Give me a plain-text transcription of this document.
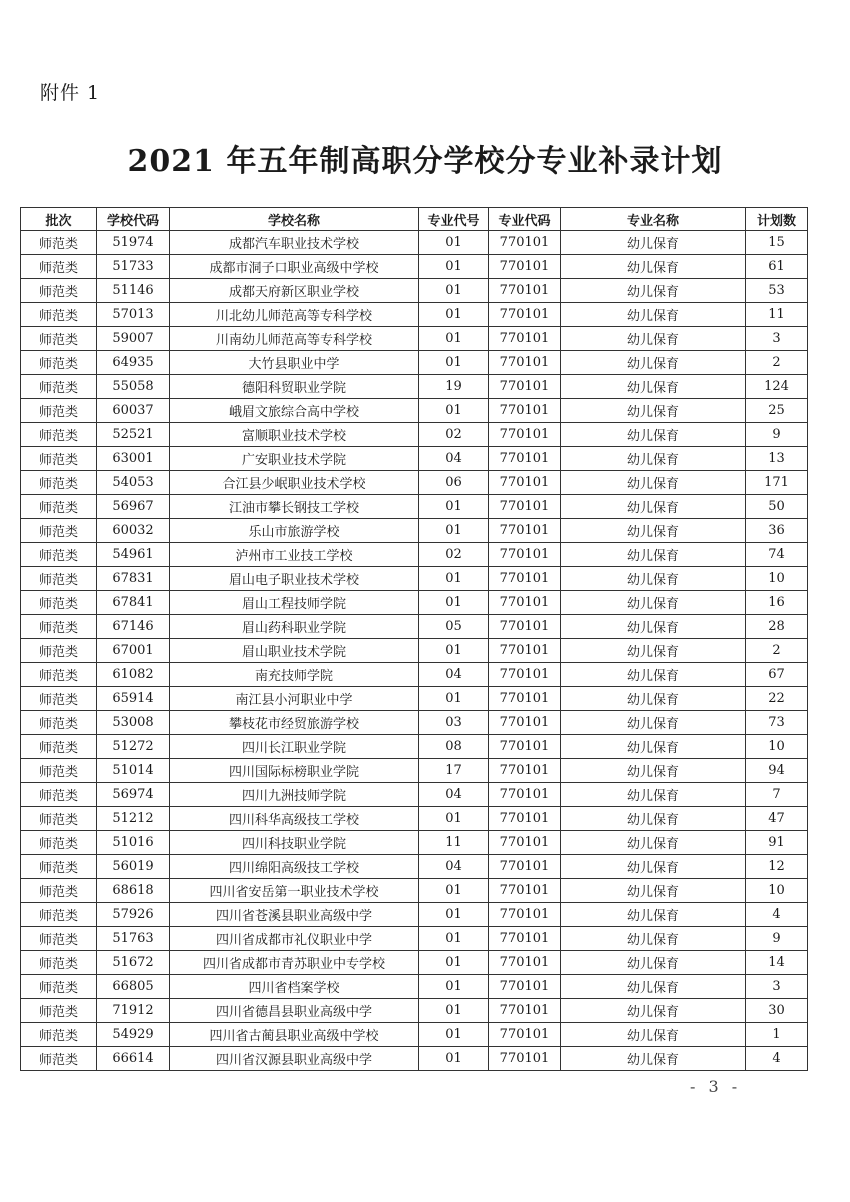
附件 1
2021 年五年制高职分学校分专业补录计划
批次	学校代码	学校名称	专业代号	专业代码	专业名称	计划数
师范类	51974	成都汽车职业技术学校	01	770101	幼儿保育	15
师范类	51733	成都市洞子口职业高级中学校	01	770101	幼儿保育	61
师范类	51146	成都天府新区职业学校	01	770101	幼儿保育	53
师范类	57013	川北幼儿师范高等专科学校	01	770101	幼儿保育	11
师范类	59007	川南幼儿师范高等专科学校	01	770101	幼儿保育	3
师范类	64935	大竹县职业中学	01	770101	幼儿保育	2
师范类	55058	德阳科贸职业学院	19	770101	幼儿保育	124
师范类	60037	峨眉文旅综合高中学校	01	770101	幼儿保育	25
师范类	52521	富顺职业技术学校	02	770101	幼儿保育	9
师范类	63001	广安职业技术学院	04	770101	幼儿保育	13
师范类	54053	合江县少岷职业技术学校	06	770101	幼儿保育	171
师范类	56967	江油市攀长钢技工学校	01	770101	幼儿保育	50
师范类	60032	乐山市旅游学校	01	770101	幼儿保育	36
师范类	54961	泸州市工业技工学校	02	770101	幼儿保育	74
师范类	67831	眉山电子职业技术学校	01	770101	幼儿保育	10
师范类	67841	眉山工程技师学院	01	770101	幼儿保育	16
师范类	67146	眉山药科职业学院	05	770101	幼儿保育	28
师范类	67001	眉山职业技术学院	01	770101	幼儿保育	2
师范类	61082	南充技师学院	04	770101	幼儿保育	67
师范类	65914	南江县小河职业中学	01	770101	幼儿保育	22
师范类	53008	攀枝花市经贸旅游学校	03	770101	幼儿保育	73
师范类	51272	四川长江职业学院	08	770101	幼儿保育	10
师范类	51014	四川国际标榜职业学院	17	770101	幼儿保育	94
师范类	56974	四川九洲技师学院	04	770101	幼儿保育	7
师范类	51212	四川科华高级技工学校	01	770101	幼儿保育	47
师范类	51016	四川科技职业学院	11	770101	幼儿保育	91
师范类	56019	四川绵阳高级技工学校	04	770101	幼儿保育	12
师范类	68618	四川省安岳第一职业技术学校	01	770101	幼儿保育	10
师范类	57926	四川省苍溪县职业高级中学	01	770101	幼儿保育	4
师范类	51763	四川省成都市礼仪职业中学	01	770101	幼儿保育	9
师范类	51672	四川省成都市青苏职业中专学校	01	770101	幼儿保育	14
师范类	66805	四川省档案学校	01	770101	幼儿保育	3
师范类	71912	四川省德昌县职业高级中学	01	770101	幼儿保育	30
师范类	54929	四川省古蔺县职业高级中学校	01	770101	幼儿保育	1
师范类	66614	四川省汉源县职业高级中学	01	770101	幼儿保育	4
- 3 -
